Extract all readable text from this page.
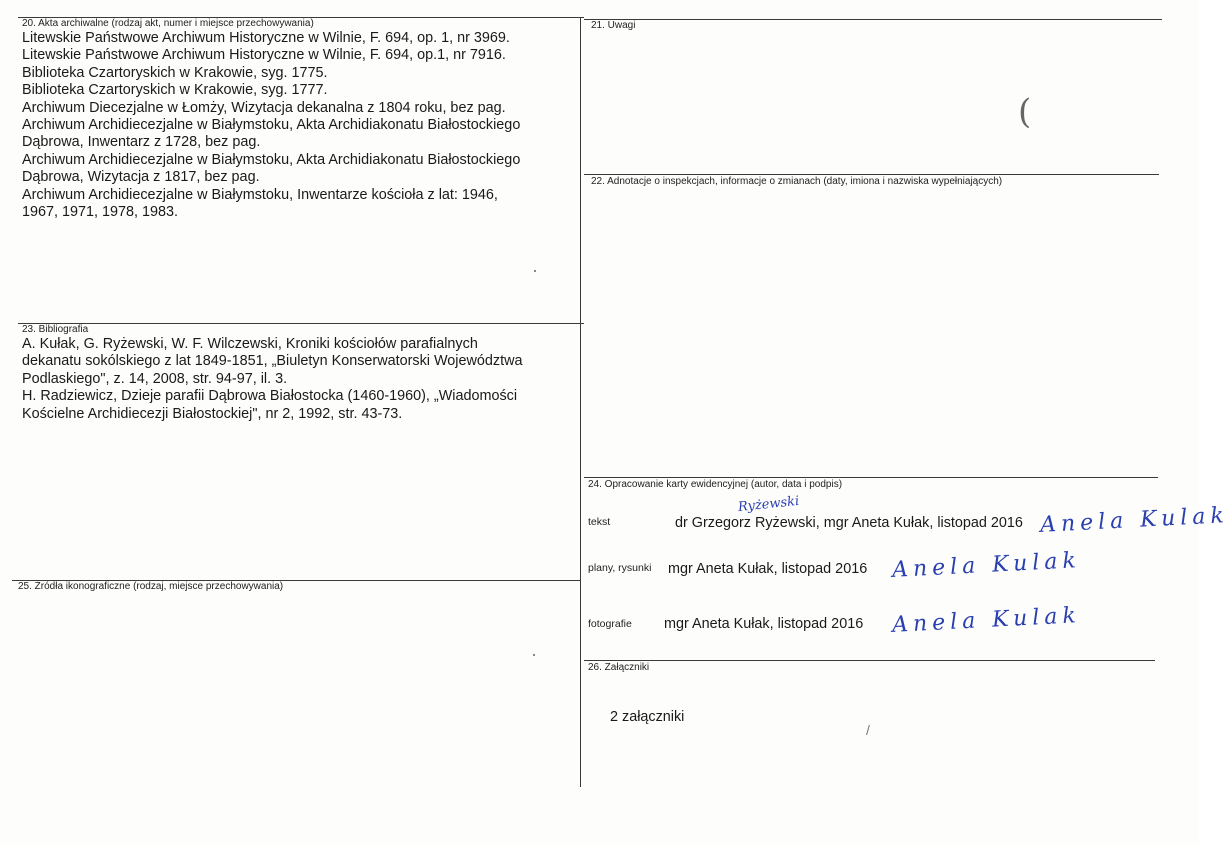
20. Akta archiwalne (rodzaj akt, numer i miejsce przechowywania)
Litewskie Państwowe Archiwum Historyczne w Wilnie, F. 694, op. 1, nr 3969.
Litewskie Państwowe Archiwum Historyczne w Wilnie, F. 694, op.1, nr 7916.
Biblioteka Czartoryskich w Krakowie, syg. 1775.
Biblioteka Czartoryskich w Krakowie, syg. 1777.
Archiwum Diecezjalne w Łomży, Wizytacja dekanalna z 1804 roku, bez pag.
Archiwum Archidiecezjalne w Białymstoku, Akta Archidiakonatu Białostockiego
Dąbrowa, Inwentarz z 1728, bez pag.
Archiwum Archidiecezjalne w Białymstoku, Akta Archidiakonatu Białostockiego
Dąbrowa, Wizytacja z 1817, bez pag.
Archiwum Archidiecezjalne w Białymstoku, Inwentarze kościoła z lat: 1946,
1967, 1971, 1978, 1983.
21. Uwagi
(
22. Adnotacje o inspekcjach, informacje o zmianach (daty, imiona i nazwiska wypełniających)
23. Bibliografia
A. Kułak, G. Ryżewski, W. F. Wilczewski, Kroniki kościołów parafialnych
dekanatu sokólskiego z lat 1849-1851, „Biuletyn Konserwatorski Województwa
Podlaskiego", z. 14, 2008, str. 94-97, il. 3.
H. Radziewicz, Dzieje parafii Dąbrowa Białostocka (1460-1960), „Wiadomości
Kościelne Archidiecezji Białostockiej", nr 2, 1992, str. 43-73.
24. Opracowanie karty ewidencyjnej (autor, data i podpis)
tekst	dr Grzegorz Ryżewski, mgr Aneta Kułak, listopad 2016
Ryżewski	Anela Kulak
plany, rysunki mgr Aneta Kułak, listopad 2016 Anela Kulak
fotografie mgr Aneta Kułak, listopad 2016 Anela Kulak
25. Źródła ikonograficzne (rodzaj, miejsce przechowywania)
26. Załączniki
2 załączniki
/
